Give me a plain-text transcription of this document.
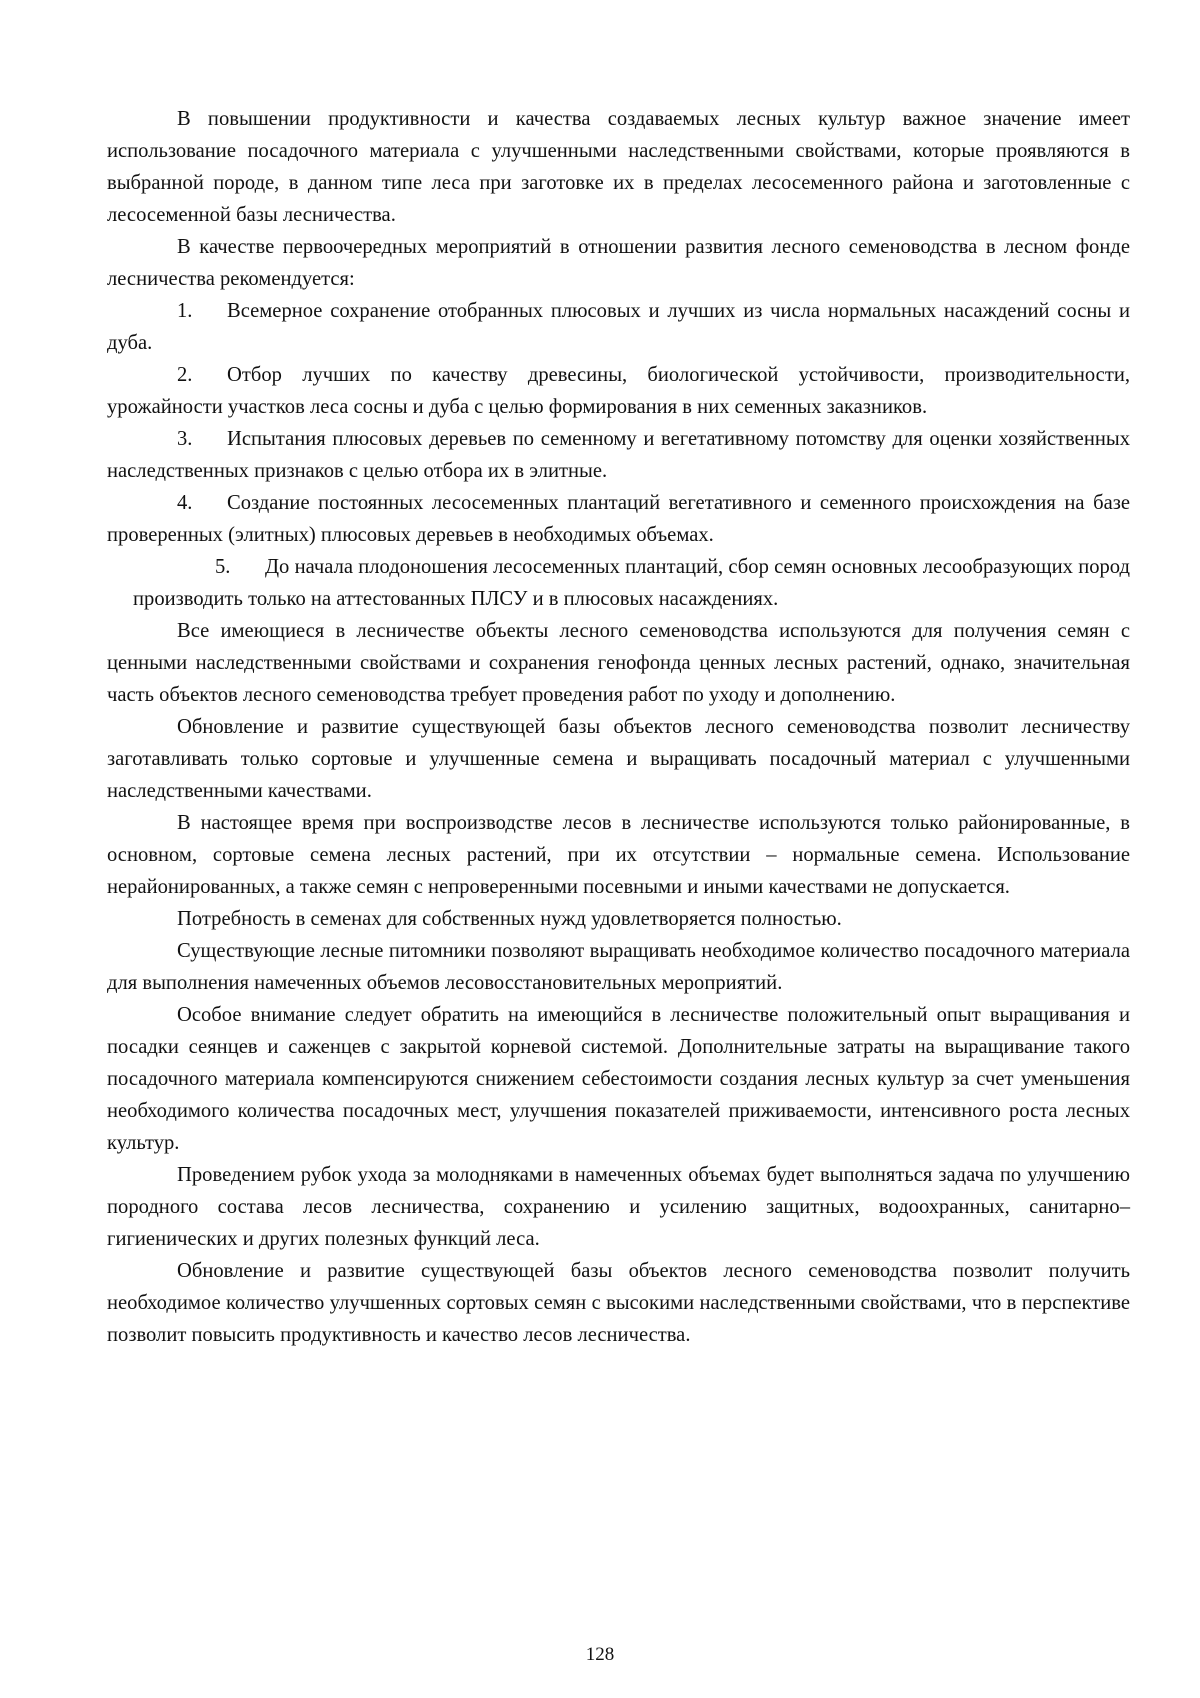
В повышении продуктивности и качества создаваемых лесных культур важное значение имеет использование посадочного материала с улучшенными наследственными свойствами, которые проявляются в выбранной породе, в данном типе леса при заготовке их в пределах лесосеменного района и заготовленные с лесосеменной базы лесничества.

В качестве первоочередных мероприятий в отношении развития лесного семеноводства в лесном фонде лесничества рекомендуется:

1. Всемерное сохранение отобранных плюсовых и лучших из числа нормальных насаждений сосны и дуба.

2. Отбор лучших по качеству древесины, биологической устойчивости, производительности, урожайности участков леса сосны и дуба с целью формирования в них семенных заказников.

3. Испытания плюсовых деревьев по семенному и вегетативному потомству для оценки хозяйственных наследственных признаков с целью отбора их в элитные.

4. Создание постоянных лесосеменных плантаций вегетативного и семенного происхождения на базе проверенных (элитных) плюсовых деревьев в необходимых объемах.

5. До начала плодоношения лесосеменных плантаций, сбор семян основных лесообразующих пород производить только на аттестованных ПЛСУ и в плюсовых насаждениях.

Все имеющиеся в лесничестве объекты лесного семеноводства используются для получения семян с ценными наследственными свойствами и сохранения генофонда ценных лесных растений, однако, значительная часть объектов лесного семеноводства требует проведения работ по уходу и дополнению.

Обновление и развитие существующей базы объектов лесного семеноводства позволит лесничеству заготавливать только сортовые и улучшенные семена и выращивать посадочный материал с улучшенными наследственными качествами.

В настоящее время при воспроизводстве лесов в лесничестве используются только районированные, в основном, сортовые семена лесных растений, при их отсутствии – нормальные семена. Использование нерайонированных, а также семян с непроверенными посевными и иными качествами не допускается.

Потребность в семенах для собственных нужд удовлетворяется полностью.

Существующие лесные питомники позволяют выращивать необходимое количество посадочного материала для выполнения намеченных объемов лесовосстановительных мероприятий.

Особое внимание следует обратить на имеющийся в лесничестве положительный опыт выращивания и посадки сеянцев и саженцев с закрытой корневой системой. Дополнительные затраты на выращивание такого посадочного материала компенсируются снижением себестоимости создания лесных культур за счет уменьшения необходимого количества посадочных мест, улучшения показателей приживаемости, интенсивного роста лесных культур.

Проведением рубок ухода за молодняками в намеченных объемах будет выполняться задача по улучшению породного состава лесов лесничества, сохранению и усилению защитных, водоохранных, санитарно–гигиенических и других полезных функций леса.

Обновление и развитие существующей базы объектов лесного семеноводства позволит получить необходимое количество улучшенных сортовых семян с высокими наследственными свойствами, что в перспективе позволит повысить продуктивность и качество лесов лесничества.

128
